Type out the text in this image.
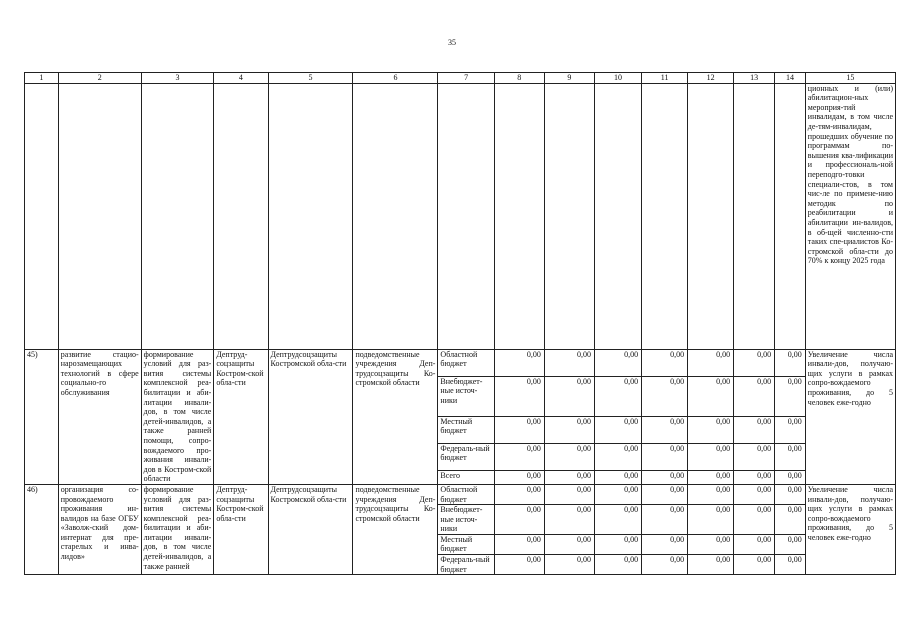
35
1	2	3	4	5	6	7	8	9	10	11	12	13	14	15
														ционных и (или) абилитацион-ных мероприя-тий инвалидам, в том числе де-тям-инвалидам, прошедших обучение по программам по-вышения ква-лификации и профессиональ-ной переподго-товки специали-стов, в том чис-ле по примене-нию методик по реабилитации и абилитации ин-валидов, в об-щей численно-сти таких спе-циалистов Ко-стромской обла-сти до 70% к концу 2025 года
45)	развитие стацио-нарозамещающих технологий в сфере социально-го обслуживания	формирование условий для раз-вития системы комплексной реа-билитации и аби-литации инвали-дов, в том числе детей-инвалидов, а также ранней помощи, сопро-вождаемого про-живания инвали-дов в Костром-ской области	Дептруд-соцзащиты Костром-ской обла-сти	Дептрудсоцзащиты Костромской обла-сти	подведомственные учреждения Деп-трудсоцзащиты Ко-стромской области	Областной бюджет	0,00	0,00	0,00	0,00	0,00	0,00	0,00	Увеличение числа инвали-дов, получаю-щих услуги в рамках сопро-вождаемого проживания, до 5 человек еже-годно
						Внебюджет-ные источ-ники	0,00	0,00	0,00	0,00	0,00	0,00	0,00	
						Местный бюджет	0,00	0,00	0,00	0,00	0,00	0,00	0,00	
						Федераль-ный бюджет	0,00	0,00	0,00	0,00	0,00	0,00	0,00	
						Всего	0,00	0,00	0,00	0,00	0,00	0,00	0,00	
46)	организация со-провождаемого проживания ин-валидов на базе ОГБУ «Заволж-ский дом-интернат для пре-старелых и инва-лидов»	формирование условий для раз-вития системы комплексной реа-билитации и аби-литации инвали-дов, в том числе детей-инвалидов, а также ранней	Дептруд-соцзащиты Костром-ской обла-сти	Дептрудсоцзащиты Костромской обла-сти	подведомственные учреждения Деп-трудсоцзащиты Ко-стромской области	Областной бюджет	0,00	0,00	0,00	0,00	0,00	0,00	0,00	Увеличение числа инвали-дов, получаю-щих услуги в рамках сопро-вождаемого проживания, до 5 человек еже-годно
						Внебюджет-ные источ-ники	0,00	0,00	0,00	0,00	0,00	0,00	0,00	
						Местный бюджет	0,00	0,00	0,00	0,00	0,00	0,00	0,00	
						Федераль-ный бюджет	0,00	0,00	0,00	0,00	0,00	0,00	0,00	
